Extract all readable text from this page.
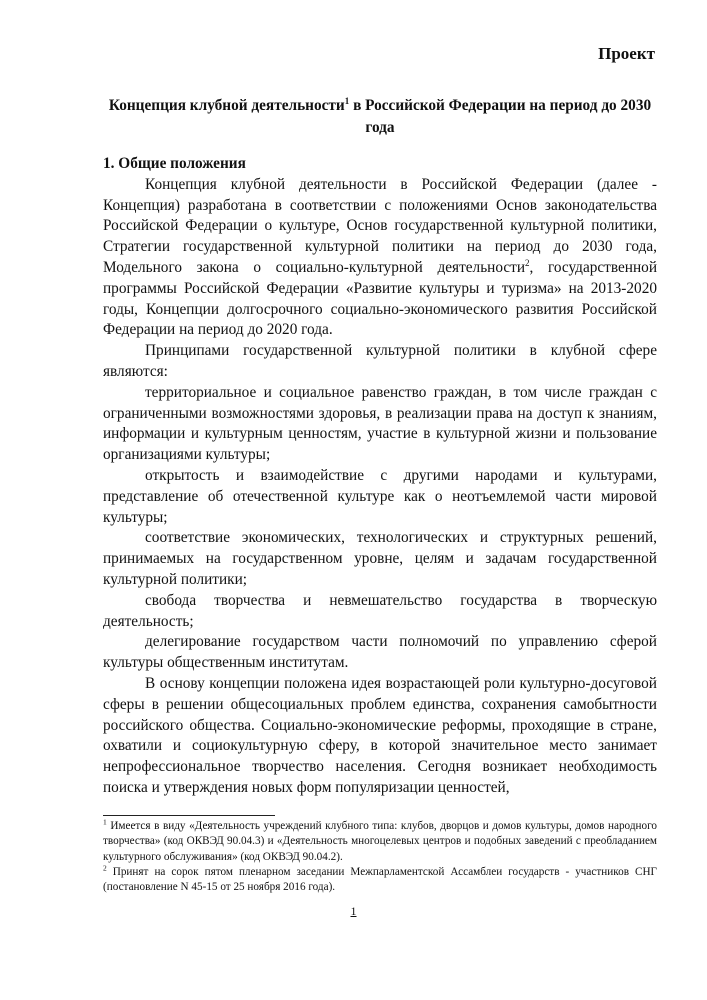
Проект
Концепция клубной деятельности$^1$ в Российской Федерации на период до 2030 года

1. Общие положения

Концепция клубной деятельности в Российской Федерации (далее - Концепция) разработана в соответствии с положениями Основ законодательства Российской Федерации о культуре, Основ государственной культурной политики, Стратегии государственной культурной политики на период до 2030 года, Модельного закона о социально-культурной деятельности$^2$, государственной программы Российской Федерации «Развитие культуры и туризма» на 2013-2020 годы, Концепции долгосрочного социально-экономического развития Российской Федерации на период до 2020 года.

Принципами государственной культурной политики в клубной сфере являются:

территориальное и социальное равенство граждан, в том числе граждан с ограниченными возможностями здоровья, в реализации права на доступ к знаниям, информации и культурным ценностям, участие в культурной жизни и пользование организациями культуры;

открытость и взаимодействие с другими народами и культурами, представление об отечественной культуре как о неотъемлемой части мировой культуры;

соответствие экономических, технологических и структурных решений, принимаемых на государственном уровне, целям и задачам государственной культурной политики;

свобода творчества и невмешательство государства в творческую деятельность;

делегирование государством части полномочий по управлению сферой культуры общественным институтам.

В основу концепции положена идея возрастающей роли культурно-досуговой сферы в решении общесоциальных проблем единства, сохранения самобытности российского общества. Социально-экономические реформы, проходящие в стране, охватили и социокультурную сферу, в которой значительное место занимает непрофессиональное творчество населения. Сегодня возникает необходимость поиска и утверждения новых форм популяризации ценностей,

$^1$ Имеется в виду «Деятельность учреждений клубного типа: клубов, дворцов и домов культуры, домов народного творчества» (код ОКВЭД 90.04.3) и «Деятельность многоцелевых центров и подобных заведений с преобладанием культурного обслуживания» (код ОКВЭД 90.04.2).

$^2$ Принят на сорок пятом пленарном заседании Межпарламентской Ассамблеи государств - участников СНГ (постановление N 45-15 от 25 ноября 2016 года).

1
